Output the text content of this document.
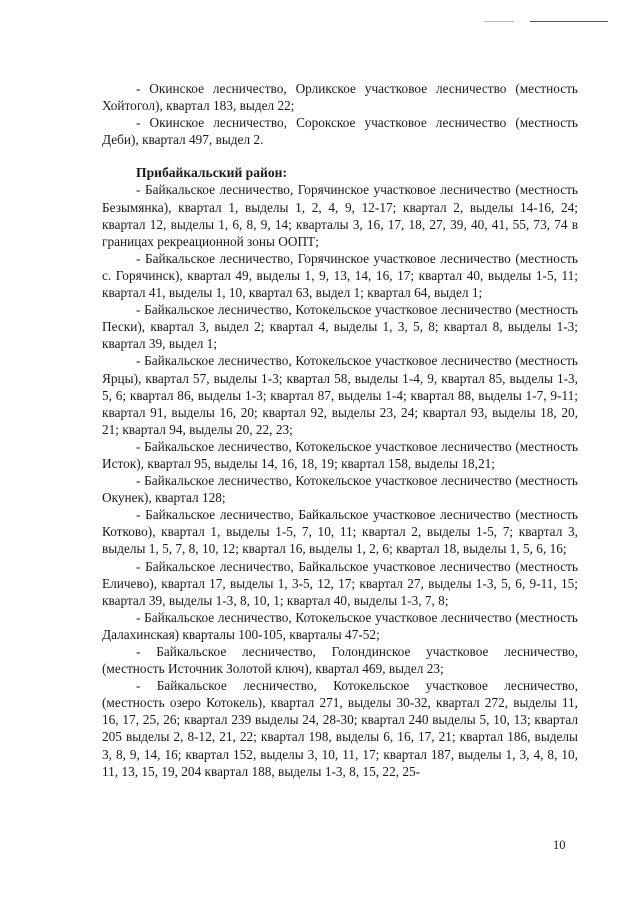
- Окинское лесничество, Орликское участковое лесничество (местность Хойтогол), квартал 183, выдел 22;

- Окинское лесничество, Сорокское участковое лесничество (местность Деби), квартал 497, выдел 2.

Прибайкальский район:

- Байкальское лесничество, Горячинское участковое лесничество (местность Безымянка), квартал 1, выделы 1, 2, 4, 9, 12-17; квартал 2, выделы 14-16, 24; квартал 12, выделы 1, 6, 8, 9, 14; кварталы 3, 16, 17, 18, 27, 39, 40, 41, 55, 73, 74 в границах рекреационной зоны ООПТ;

- Байкальское лесничество, Горячинское участковое лесничество (местность с. Горячинск), квартал 49, выделы 1, 9, 13, 14, 16, 17; квартал 40, выделы 1-5, 11; квартал 41, выделы 1, 10, квартал 63, выдел 1; квартал 64, выдел 1;

- Байкальское лесничество, Котокельское участковое лесничество (местность Пески), квартал 3, выдел 2; квартал 4, выделы 1, 3, 5, 8; квартал 8, выделы 1-3; квартал 39, выдел 1;

- Байкальское лесничество, Котокельское участковое лесничество (местность Ярцы), квартал 57, выделы 1-3; квартал 58, выделы 1-4, 9, квартал 85, выделы 1-3, 5, 6; квартал 86, выделы 1-3; квартал 87, выделы 1-4; квартал 88, выделы 1-7, 9-11; квартал 91, выделы 16, 20; квартал 92, выделы 23, 24; квартал 93, выделы 18, 20, 21; квартал 94, выделы 20, 22, 23;

- Байкальское лесничество, Котокельское участковое лесничество (местность Исток), квартал 95, выделы 14, 16, 18, 19; квартал 158, выделы 18,21;

- Байкальское лесничество, Котокельское участковое лесничество (местность Окунек), квартал 128;

- Байкальское лесничество, Байкальское участковое лесничество (местность Котково), квартал 1, выделы 1-5, 7, 10, 11; квартал 2, выделы 1-5, 7; квартал 3, выделы 1, 5, 7, 8, 10, 12; квартал 16, выделы 1, 2, 6; квартал 18, выделы 1, 5, 6, 16;

- Байкальское лесничество, Байкальское участковое лесничество (местность Еличево), квартал 17, выделы 1, 3-5, 12, 17; квартал 27, выделы 1-3, 5, 6, 9-11, 15; квартал 39, выделы 1-3, 8, 10, 1; квартал 40, выделы 1-3, 7, 8;

- Байкальское лесничество, Котокельское участковое лесничество (местность Далахинская) кварталы 100-105, кварталы 47-52;

- Байкальское лесничество, Голондинское участковое лесничество, (местность Источник Золотой ключ), квартал 469, выдел 23;

- Байкальское лесничество, Котокельское участковое лесничество, (местность озеро Котокель), квартал 271, выделы 30-32, квартал 272, выделы 11, 16, 17, 25, 26; квартал 239 выделы 24, 28-30; квартал 240 выделы 5, 10, 13; квартал 205 выделы 2, 8-12, 21, 22; квартал 198, выделы 6, 16, 17, 21; квартал 186, выделы 3, 8, 9, 14, 16; квартал 152, выделы 3, 10, 11, 17; квартал 187, выделы 1, 3, 4, 8, 10, 11, 13, 15, 19, 204 квартал 188, выделы 1-3, 8, 15, 22, 25-

10
